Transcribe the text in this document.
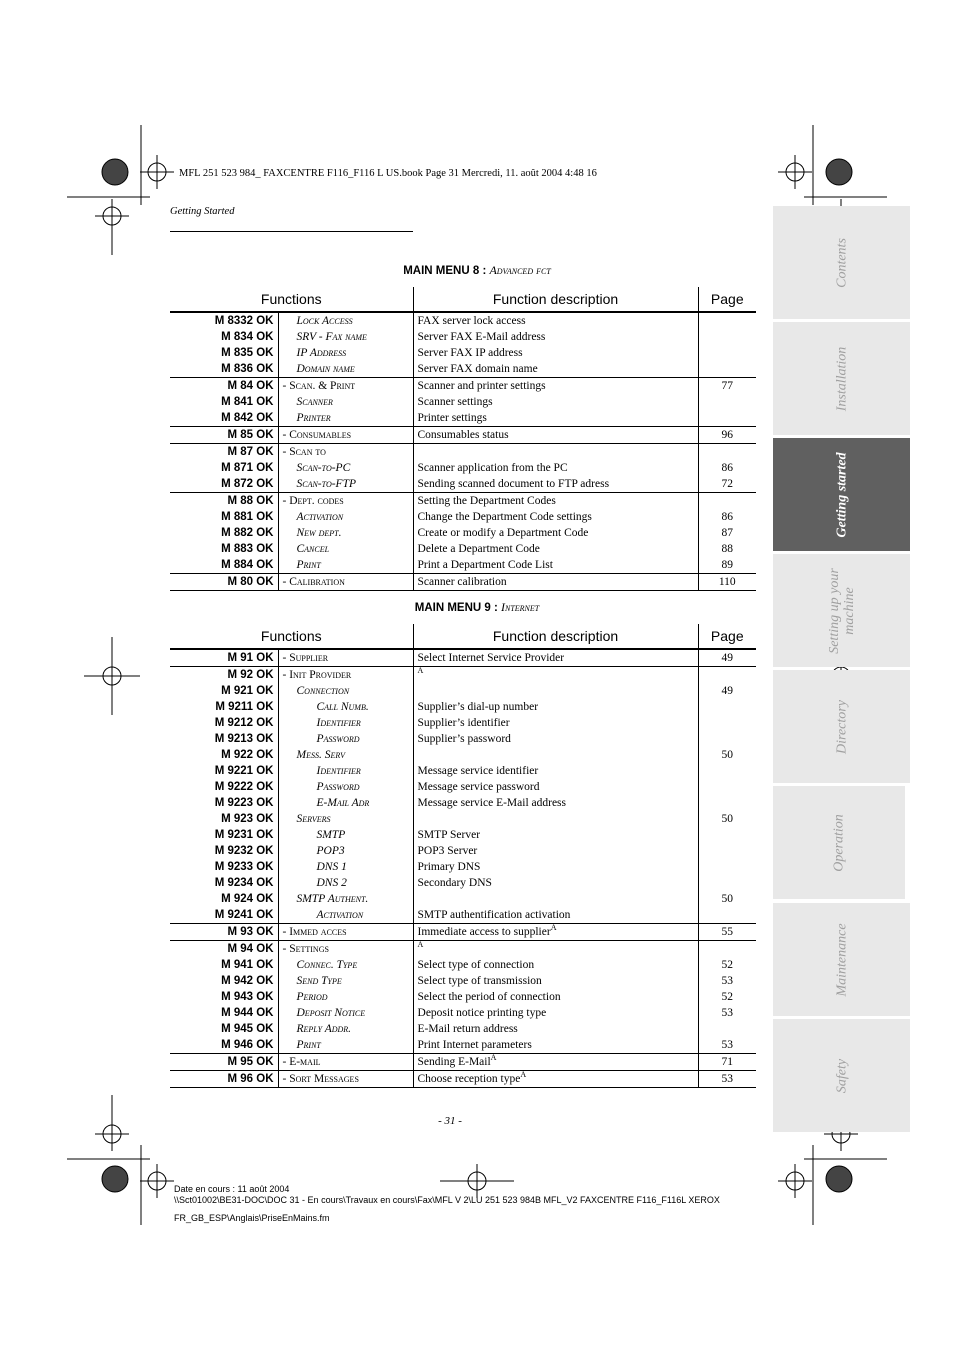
MFL 251 523 984_ FAXCENTRE F116_F116 L US.book Page 31 Mercredi, 11. août 2004 4:48 16
Getting Started
MAIN MENU 8 : Advanced fct
Functions		Function description	Page
M 8332 OK	Lock Access	FAX server lock access	
M 834 OK	SRV - Fax name	Server FAX E-Mail address	
M 835 OK	IP Address	Server FAX IP address	
M 836 OK	Domain name	Server FAX domain name	
M 84 OK	- Scan. & Print	Scanner and printer settings	77
M 841 OK	Scanner	Scanner settings	
M 842 OK	Printer	Printer settings	
M 85 OK	- Consumables	Consumables status	96
M 87 OK	- Scan to		
M 871 OK	Scan-to-PC	Scanner application from the PC	86
M 872 OK	Scan-to-FTP	Sending scanned document to FTP adress	72
M 88 OK	- Dept. codes	Setting the Department Codes	
M 881 OK	Activation	Change the Department Code settings	86
M 882 OK	New dept.	Create or modify a Department Code	87
M 883 OK	Cancel	Delete a Department Code	88
M 884 OK	Print	Print a Department Code List	89
M 80 OK	- Calibration	Scanner calibration	110
MAIN MENU 9 : Internet
Functions		Function description	Page
M 91 OK	- Supplier	Select Internet Service Provider	49
M 92 OK	- Init Provider	$^A$	
M 921 OK	Connection		49
M 9211 OK	Call Numb.	Supplier’s dial-up number	
M 9212 OK	Identifier	Supplier’s identifier	
M 9213 OK	Password	Supplier’s password	
M 922 OK	Mess. Serv		50
M 9221 OK	Identifier	Message service identifier	
M 9222 OK	Password	Message service password	
M 9223 OK	E-Mail Adr	Message service E-Mail address	
M 923 OK	Servers		50
M 9231 OK	SMTP	SMTP Server	
M 9232 OK	POP3	POP3 Server	
M 9233 OK	DNS 1	Primary DNS	
M 9234 OK	DNS 2	Secondary DNS	
M 924 OK	SMTP Authent.		50
M 9241 OK	Activation	SMTP authentification activation	
M 93 OK	- Immed acces	Immediate access to supplier$^A$	55
M 94 OK	- Settings	$^A$	
M 941 OK	Connec. Type	Select type of connection	52
M 942 OK	Send Type	Select type of transmission	53
M 943 OK	Period	Select the period of connection	52
M 944 OK	Deposit Notice	Deposit notice printing type	53
M 945 OK	Reply Addr.	E-Mail return address	
M 946 OK	Print	Print Internet parameters	53
M 95 OK	- E-mail	Sending E-Mail$^A$	71
M 96 OK	- Sort Messages	Choose reception type$^A$	53
- 31 -
Date en cours : 11 août 2004
\\Sct01002\BE31-DOC\DOC 31 - En cours\Travaux en cours\Fax\MFL V 2\LU 251 523 984B MFL_V2 FAXCENTRE F116_F116L XEROX
FR_GB_ESP\Anglais\PriseEnMains.fm
Contents
Installation
Getting started
Setting up your machine
Directory
Operation
Maintenance
Safety
